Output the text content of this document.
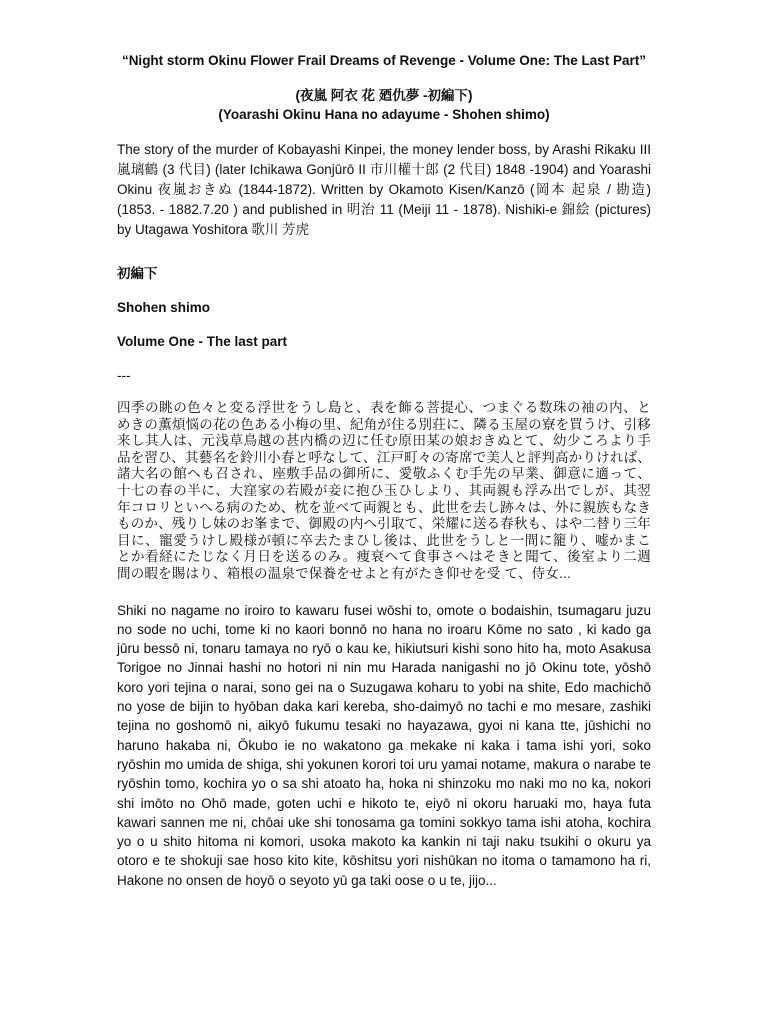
“Night storm Okinu Flower Frail Dreams of Revenge - Volume One: The Last Part”

(夜嵐 阿衣 花 廼仇夢 -初編下)
(Yoarashi Okinu Hana no adayume - Shohen shimo)

The story of the murder of Kobayashi Kinpei, the money lender boss, by Arashi Rikaku III 嵐璃鶴 (3 代目) (later Ichikawa Gonjūrō II 市川權十郎 (2 代目) 1848 -1904) and Yoarashi Okinu 夜嵐おきぬ (1844-1872). Written by Okamoto Kisen/Kanzō (岡本 起泉 / 勘造) (1853. - 1882.7.20 ) and published in 明治 11 (Meiji 11 - 1878). Nishiki-e 錦絵 (pictures) by Utagawa Yoshitora 歌川 芳虎

初編下

Shohen shimo

Volume One - The last part

---

四季の眺の色々と変る浮世をうし島と、表を飾る菩提心、つまぐる数珠の袖の内、とめきの薫煩悩の花の色ある小梅の里、紀角が住る別荘に、隣る玉屋の寮を買うけ、引移来し其人は、元浅草鳥越の甚内橋の辺に任む原田某の娘おきぬとて、幼少ころより手品を習ひ、其藝名を鈴川小春と呼なして、江戸町々の寄席で美人と評判高かりければ、諸大名の館へも召され、座敷手品の御所に、愛敬ふくむ手先の早業、御意に適って、十七の春の半に、大窪家の若殿が妾に抱ひ玉ひしより、其両親も浮み出でしが、其翌年コロリといへる病のため、枕を並べて両親とも、此世を去し跡々は、外に親族もなきものか、残りし妹のお峯まで、御殿の内へ引取て、栄耀に送る春秋も、はや二替り三年目に、寵愛うけし殿様が頓に卒去たまひし後は、此世をうしと一間に籠り、嘘かまことか看経にたじなく月日を送るのみ。痩衰へて食事さへはそきと聞て、後室より二週間の暇を賜はり、箱根の温泉で保養をせよと有がたき仰せを受 て、侍女...

Shiki no nagame no iroiro to kawaru fusei wōshi to, omote o bodaishin, tsumagaru juzu no sode no uchi, tome ki no kaori bonnō no hana no iroaru Kōme no sato , ki kado ga jūru bessō ni, tonaru tamaya no ryō o kau ke, hikiutsuri kishi sono hito ha, moto Asakusa Torigoe no Jinnai hashi no hotori ni nin mu Harada nanigashi no jō Okinu tote, yōshō koro yori tejina o narai, sono gei na o Suzugawa koharu to yobi na shite, Edo machichō no yose de bijin to hyōban daka kari kereba, sho-daimyō no tachi e mo mesare, zashiki tejina no goshomō ni, aikyō fukumu tesaki no hayazawa, gyoi ni kana tte, jūshichi no haruno hakaba ni, Ōkubo ie no wakatono ga mekake ni kaka i tama ishi yori, soko ryōshin mo umida de shiga, shi yokunen korori toi uru yamai notame, makura o narabe te ryōshin tomo, kochira yo o sa shi atoato ha, hoka ni shinzoku mo naki mo no ka, nokori shi imōto no Ohō made, goten uchi e hikoto te, eiyō ni okoru haruaki mo, haya futa kawari sannen me ni, chōai uke shi tonosama ga tomini sokkyo tama ishi atoha, kochira yo o u shito hitoma ni komori, usoka makoto ka kankin ni taji naku tsukihi o okuru ya otoro e te shokuji sae hoso kito kite, kōshitsu yori nishūkan no itoma o tamamono ha ri, Hakone no onsen de hoyō o seyoto yū ga taki oose o u te, jijo...
